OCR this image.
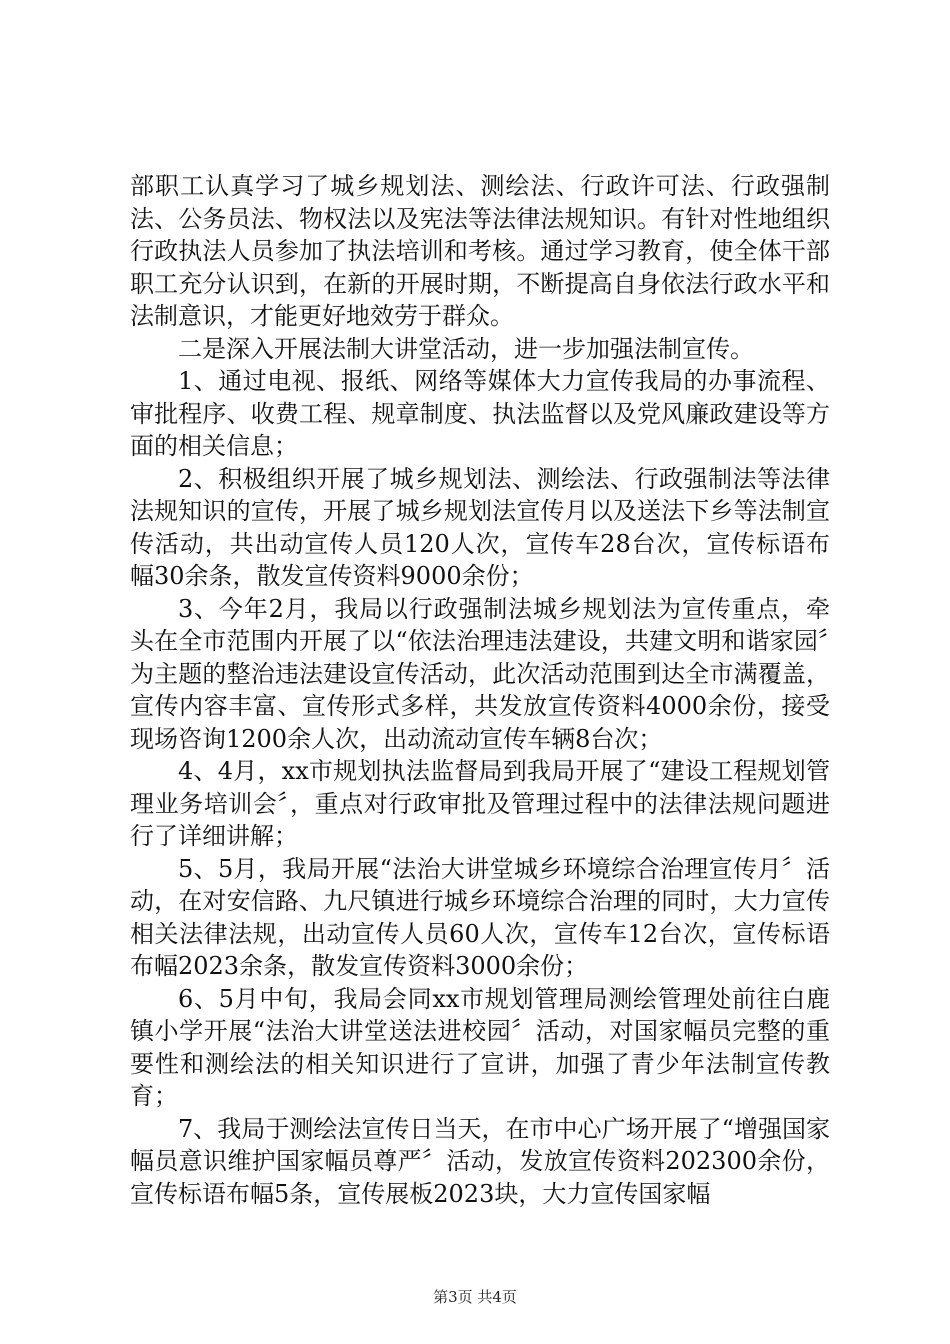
部职工认真学习了城乡规划法、测绘法、行政许可法、行政强制法、公务员法、物权法以及宪法等法律法规知识。有针对性地组织行政执法人员参加了执法培训和考核。通过学习教育，使全体干部职工充分认识到，在新的开展时期，不断提高自身依法行政水平和法制意识，才能更好地效劳于群众。

二是深入开展法制大讲堂活动，进一步加强法制宣传。

1、通过电视、报纸、网络等媒体大力宣传我局的办事流程、审批程序、收费工程、规章制度、执法监督以及党风廉政建设等方面的相关信息；

2、积极组织开展了城乡规划法、测绘法、行政强制法等法律法规知识的宣传，开展了城乡规划法宣传月以及送法下乡等法制宣传活动，共出动宣传人员120人次，宣传车28台次，宣传标语布幅30余条，散发宣传资料9000余份；

3、今年2月，我局以行政强制法城乡规划法为宣传重点，牵头在全市范围内开展了以“依法治理违法建设，共建文明和谐家园〞为主题的整治违法建设宣传活动，此次活动范围到达全市满覆盖，宣传内容丰富、宣传形式多样，共发放宣传资料4000余份，接受现场咨询1200余人次，出动流动宣传车辆8台次；

4、4月，xx市规划执法监督局到我局开展了“建设工程规划管理业务培训会〞，重点对行政审批及管理过程中的法律法规问题进行了详细讲解；

5、5月，我局开展“法治大讲堂城乡环境综合治理宣传月〞活动，在对安信路、九尺镇进行城乡环境综合治理的同时，大力宣传相关法律法规，出动宣传人员60人次，宣传车12台次，宣传标语布幅2023余条，散发宣传资料3000余份；

6、5月中旬，我局会同xx市规划管理局测绘管理处前往白鹿镇小学开展“法治大讲堂送法进校园〞活动，对国家幅员完整的重要性和测绘法的相关知识进行了宣讲，加强了青少年法制宣传教育；

7、我局于测绘法宣传日当天，在市中心广场开展了“增强国家幅员意识维护国家幅员尊严〞活动，发放宣传资料202300余份，宣传标语布幅5条，宣传展板2023块，大力宣传国家幅

第3页 共4页
